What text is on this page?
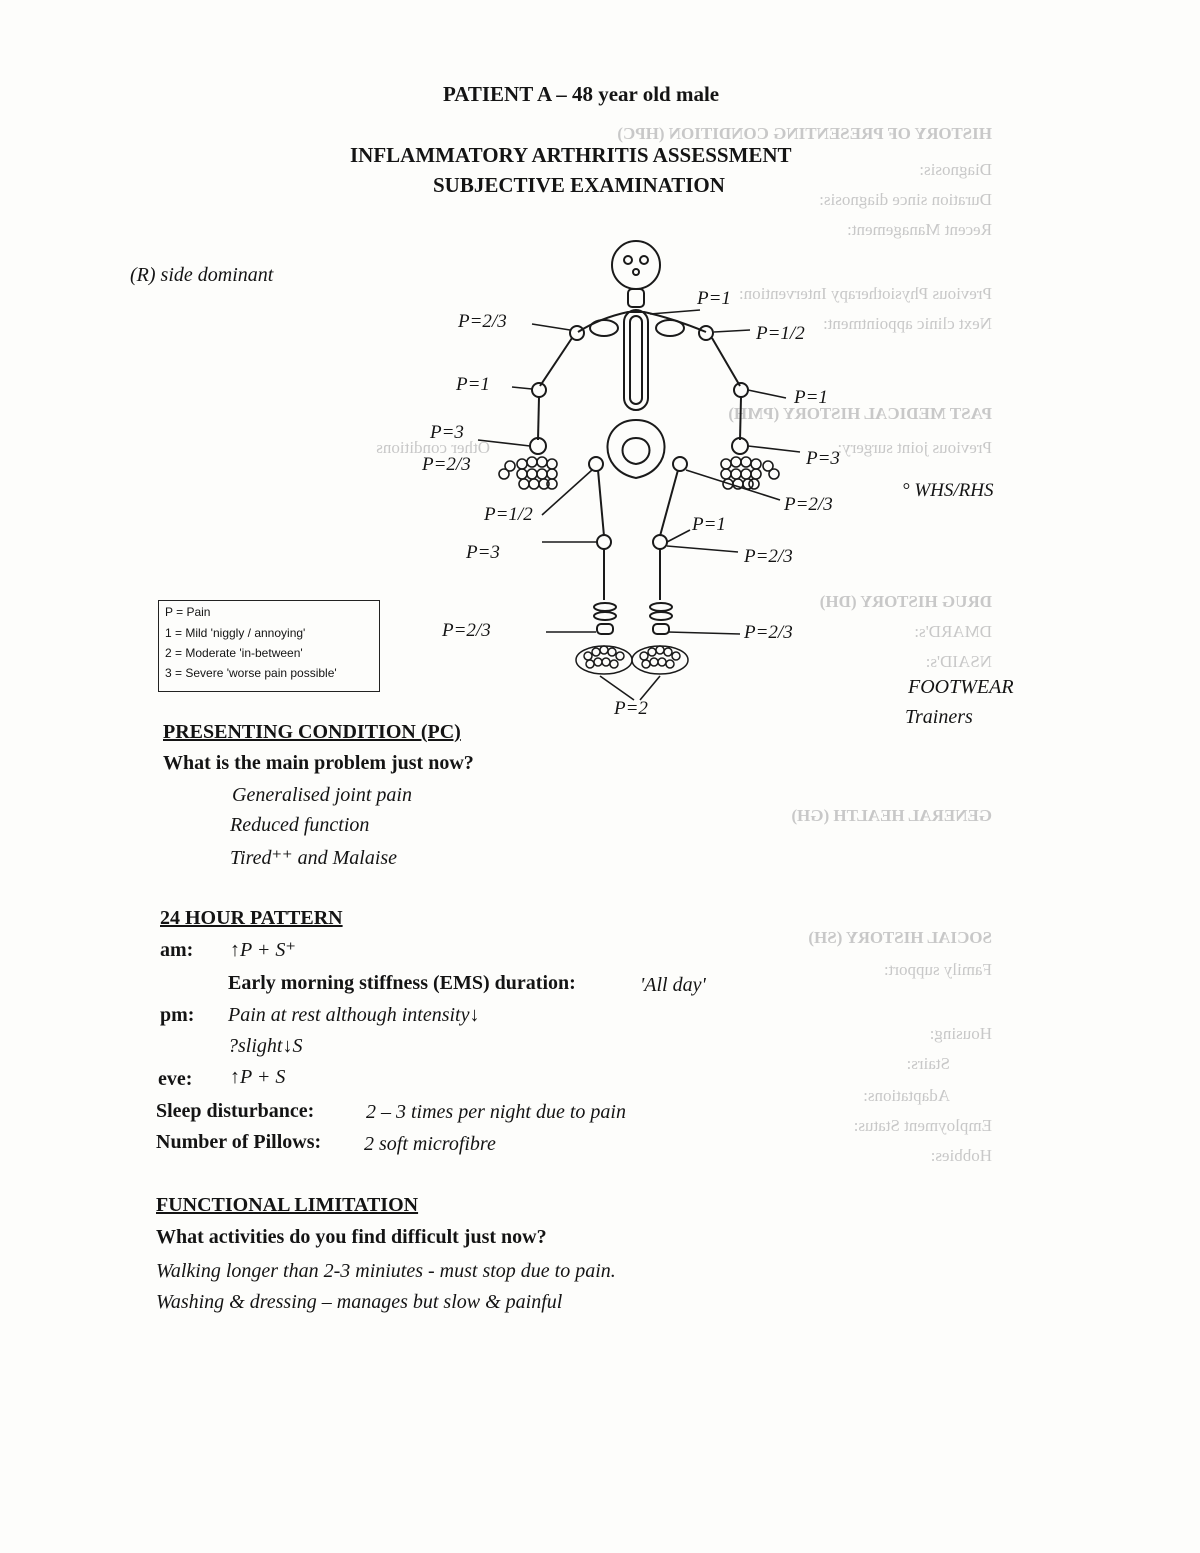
HISTORY OF PRESENTING CONDITION (HPC)
Diagnosis:
Duration since diagnosis:
Recent Management:
Previous Physiotherapy Intervention:
Next clinic appointment:
PAST MEDICAL HISTORY (PMH)
Previous joint surgery:
Other conditions
DRUG HISTORY (DH)
DMARD's:
NSAID's:
GENERAL HEALTH (GH)
SOCIAL HISTORY (SH)
Family support:
Housing:
Stairs:
Adaptations:
Employment Status:
Hobbies:
PATIENT A – 48 year old male
INFLAMMATORY ARTHRITIS ASSESSMENT
SUBJECTIVE EXAMINATION
(R) side dominant
P=2/3
P=1
P=1/2
P=1
P=1
P=3
P=2/3	P=3
° WHS/RHS
P=1/2	P=2/3
P=1
P=3	P=2/3
P=2/3	P=2/3
P=2
FOOTWEAR
Trainers
P = Pain
1 = Mild 'niggly / annoying'
2 = Moderate 'in-between'
3 = Severe 'worse pain possible'
PRESENTING CONDITION (PC)
What is the main problem just now?
Generalised joint pain
Reduced function
Tired⁺⁺ and Malaise
24 HOUR PATTERN
am: ↑P + S⁺
Early morning stiffness (EMS) duration:	'All day'
pm: Pain at rest although intensity↓
?slight↓S
eve: ↑P + S
Sleep disturbance:	2 – 3 times per night due to pain
Number of Pillows: 2 soft microfibre
FUNCTIONAL LIMITATION
What activities do you find difficult just now?
Walking longer than 2-3 miniutes - must stop due to pain.
Washing & dressing – manages but slow & painful
